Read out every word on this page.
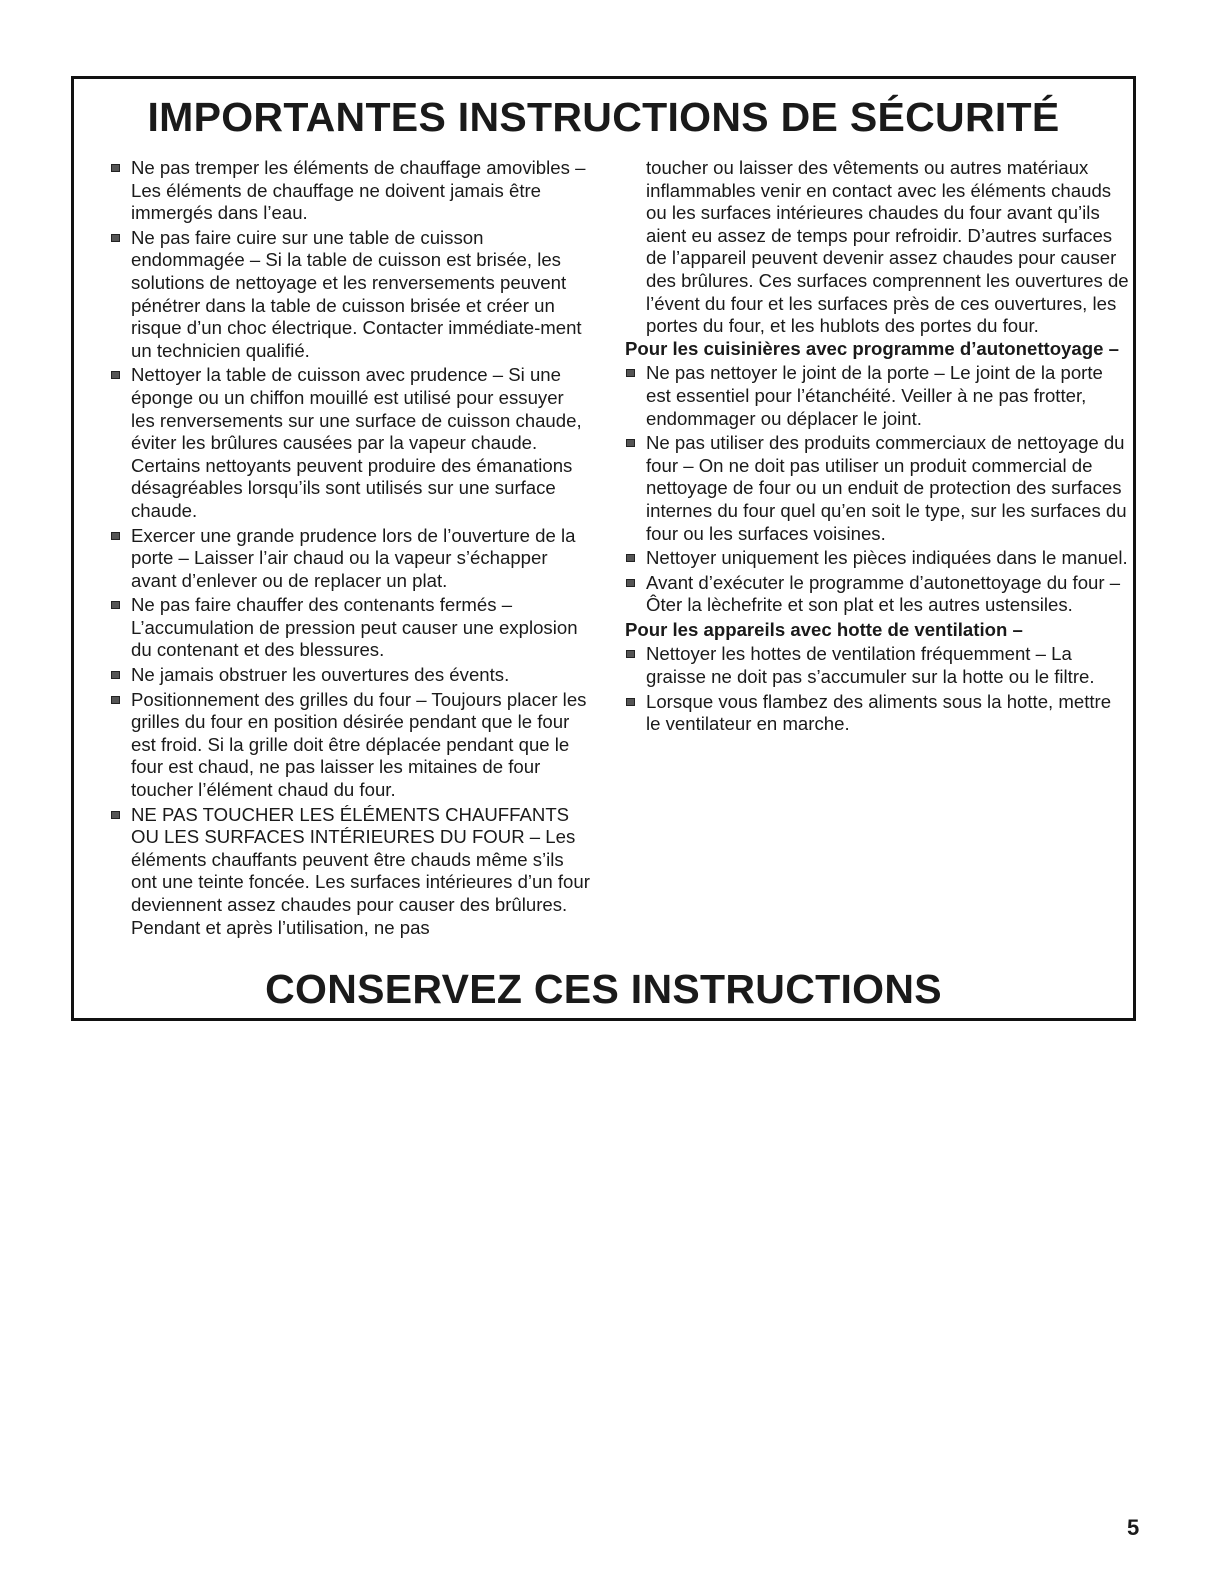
IMPORTANTES INSTRUCTIONS DE SÉCURITÉ
Ne pas tremper les éléments de chauffage amovibles – Les éléments de chauffage ne doivent jamais être immergés dans l’eau.
Ne pas faire cuire sur une table de cuisson endommagée – Si la table de cuisson est brisée, les solutions de nettoyage et les renversements peuvent pénétrer dans la table de cuisson brisée et créer un risque d’un choc électrique. Contacter immédiate-ment un technicien qualifié.
Nettoyer la table de cuisson avec prudence – Si une éponge ou un chiffon mouillé est utilisé pour essuyer les renversements sur une surface de cuisson chaude, éviter les brûlures causées par la vapeur chaude. Certains nettoyants peuvent produire des émanations désagréables lorsqu’ils sont utilisés sur une surface chaude.
Exercer une grande prudence lors de l’ouverture de la porte – Laisser l’air chaud ou la vapeur s’échapper avant d’enlever ou de replacer un plat.
Ne pas faire chauffer des contenants fermés – L’accumulation de pression peut causer une explosion du contenant et des blessures.
Ne jamais obstruer les ouvertures des évents.
Positionnement des grilles du four – Toujours placer les grilles du four en position désirée pendant que le four est froid. Si la grille doit être déplacée pendant que le four est chaud, ne pas laisser les mitaines de four toucher l’élément chaud du four.
NE PAS TOUCHER LES ÉLÉMENTS CHAUFFANTS OU LES SURFACES INTÉRIEURES DU FOUR – Les éléments chauffants peuvent être chauds même s’ils ont une teinte foncée. Les surfaces intérieures d’un four deviennent assez chaudes pour causer des brûlures. Pendant et après l’utilisation, ne pas
toucher ou laisser des vêtements ou autres matériaux inflammables venir en contact avec les éléments chauds ou les surfaces intérieures chaudes du four avant qu’ils aient eu assez de temps pour refroidir. D’autres surfaces de l’appareil peuvent devenir assez chaudes pour causer des brûlures. Ces surfaces comprennent les ouvertures de l’évent du four et les surfaces près de ces ouvertures, les portes du four, et les hublots des portes du four.
Pour les cuisinières avec programme d’autonettoyage –
Ne pas nettoyer le joint de la porte – Le joint de la porte est essentiel pour l’étanchéité. Veiller à ne pas frotter, endommager ou déplacer le joint.
Ne pas utiliser des produits commerciaux de nettoyage du four – On ne doit pas utiliser un produit commercial de nettoyage de four ou un enduit de protection des surfaces internes du four quel qu’en soit le type, sur les surfaces du four ou les surfaces voisines.
Nettoyer uniquement les pièces indiquées dans le manuel.
Avant d’exécuter le programme d’autonettoyage du four – Ôter la lèchefrite et son plat et les autres ustensiles.
Pour les appareils avec hotte de ventilation –
Nettoyer les hottes de ventilation fréquemment – La graisse ne doit pas s’accumuler sur la hotte ou le filtre.
Lorsque vous flambez des aliments sous la hotte, mettre le ventilateur en marche.
CONSERVEZ CES INSTRUCTIONS
5
